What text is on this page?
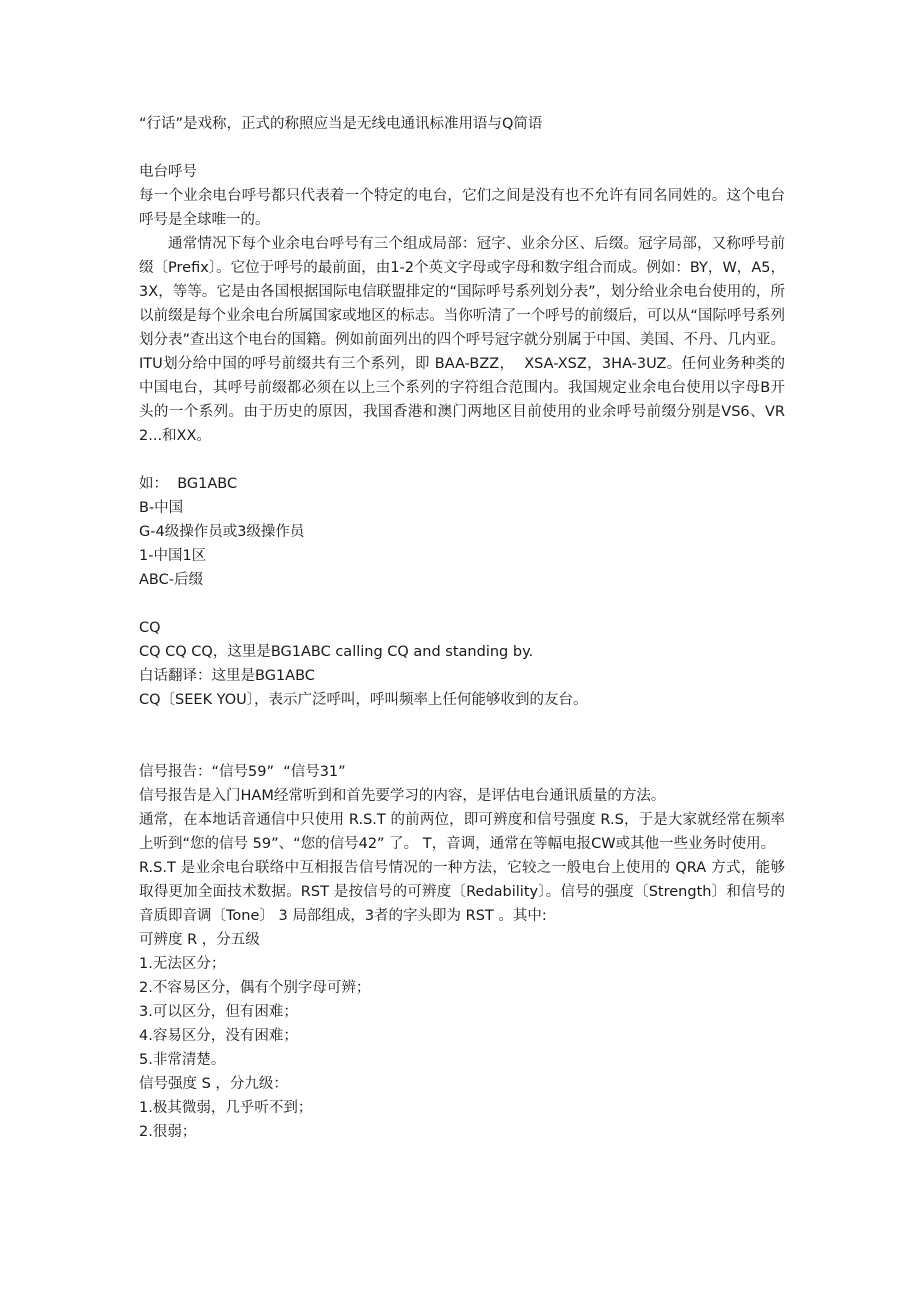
“行话”是戏称，正式的称照应当是无线电通讯标准用语与Q简语
电台呼号
每一个业余电台呼号都只代表着一个特定的电台，它们之间是没有也不允许有同名同姓的。这个电台呼号是全球唯一的。
通常情况下每个业余电台呼号有三个组成局部：冠字、业余分区、后缀。冠字局部，又称呼号前缀〔Prefix〕。它位于呼号的最前面，由1-2个英文字母或字母和数字组合而成。例如：BY，W，A5，3X，等等。它是由各国根据国际电信联盟排定的“国际呼号系列划分表”，划分给业余电台使用的，所以前缀是每个业余电台所属国家或地区的标志。当你听清了一个呼号的前缀后，可以从“国际呼号系列划分表”查出这个电台的国籍。例如前面列出的四个呼号冠字就分别属于中国、美国、不丹、几内亚。ITU划分给中国的呼号前缀共有三个系列，即 BAA-BZZ，  XSA-XSZ，3HA-3UZ。任何业务种类的中国电台，其呼号前缀都必须在以上三个系列的字符组合范围内。我国规定业余电台使用以字母B开头的一个系列。由于历史的原因，我国香港和澳门两地区目前使用的业余呼号前缀分别是VS6、VR2...和XX。
如：  BG1ABC
B-中国
G-4级操作员或3级操作员
1-中国1区
ABC-后缀
CQ
CQ CQ CQ，这里是BG1ABC calling CQ and standing by.
白话翻译：这里是BG1ABC
CQ〔SEEK YOU〕，表示广泛呼叫，呼叫频率上任何能够收到的友台。
信号报告：“信号59”  “信号31”
信号报告是入门HAM经常听到和首先要学习的内容，是评估电台通讯质量的方法。
通常，在本地话音通信中只使用 R.S.T 的前两位，即可辨度和信号强度 R.S，于是大家就经常在频率上听到“您的信号 59”、“您的信号42” 了。 T，音调，通常在等幅电报CW或其他一些业务时使用。
R.S.T 是业余电台联络中互相报告信号情况的一种方法，它较之一般电台上使用的 QRA 方式，能够取得更加全面技术数据。RST 是按信号的可辨度〔Redability〕。信号的强度〔Strength〕和信号的音质即音调〔Tone〕 3 局部组成，3者的字头即为 RST 。其中:
可辨度 R ，分五级
1.无法区分；
2.不容易区分，偶有个别字母可辨；
3.可以区分，但有困难；
4.容易区分，没有困难；
5.非常清楚。
信号强度 S ，分九级：
1.极其微弱，几乎听不到；
2.很弱；
